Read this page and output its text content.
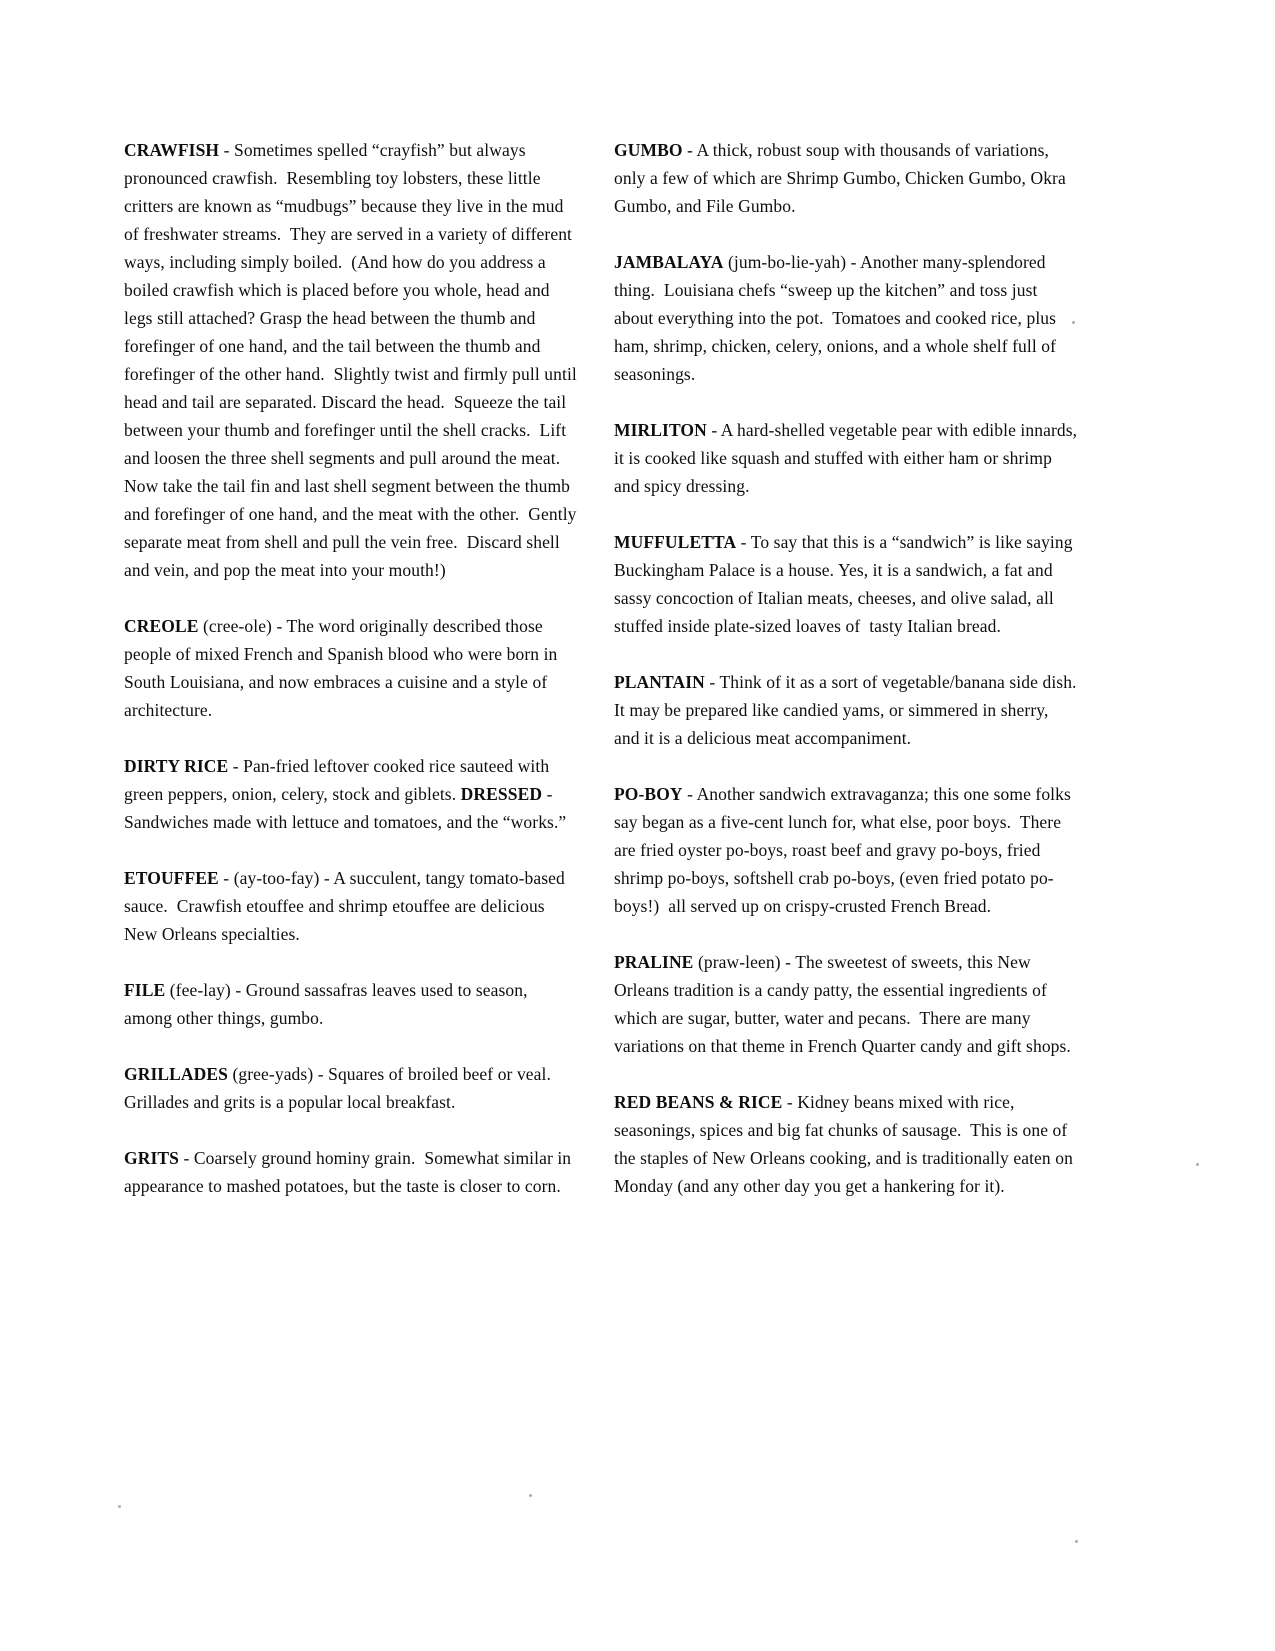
CRAWFISH - Sometimes spelled “crayfish” but always pronounced crawfish.  Resembling toy lobsters, these little critters are known as “mudbugs” because they live in the mud of freshwater streams.  They are served in a variety of different ways, including simply boiled.  (And how do you address a boiled crawfish which is placed before you whole, head and legs still attached? Grasp the head between the thumb and forefinger of one hand, and the tail between the thumb and forefinger of the other hand.  Slightly twist and firmly pull until head and tail are separated. Discard the head.  Squeeze the tail between your thumb and forefinger until the shell cracks.  Lift and loosen the three shell segments and pull around the meat.  Now take the tail fin and last shell segment between the thumb and forefinger of one hand, and the meat with the other.  Gently separate meat from shell and pull the vein free.  Discard shell and vein, and pop the meat into your mouth!)

CREOLE (cree-ole) - The word originally described those people of mixed French and Spanish blood who were born in South Louisiana, and now embraces a cuisine and a style of architecture.

DIRTY RICE - Pan-fried leftover cooked rice sauteed with green peppers, onion, celery, stock and giblets. DRESSED - Sandwiches made with lettuce and tomatoes, and the “works.”

ETOUFFEE - (ay-too-fay) - A succulent, tangy tomato-based sauce.  Crawfish etouffee and shrimp etouffee are delicious New Orleans specialties.

FILE (fee-lay) - Ground sassafras leaves used to season, among other things, gumbo.

GRILLADES (gree-yads) - Squares of broiled beef or veal.  Grillades and grits is a popular local breakfast.

GRITS - Coarsely ground hominy grain.  Somewhat similar in appearance to mashed potatoes, but the taste is closer to corn.

GUMBO - A thick, robust soup with thousands of variations, only a few of which are Shrimp Gumbo, Chicken Gumbo, Okra Gumbo, and File Gumbo.

JAMBALAYA (jum-bo-lie-yah) - Another many-splendored thing.  Louisiana chefs “sweep up the kitchen” and toss just about everything into the pot.  Tomatoes and cooked rice, plus ham, shrimp, chicken, celery, onions, and a whole shelf full of seasonings.

MIRLITON - A hard-shelled vegetable pear with edible innards, it is cooked like squash and stuffed with either ham or shrimp and spicy dressing.

MUFFULETTA - To say that this is a “sandwich” is like saying Buckingham Palace is a house. Yes, it is a sandwich, a fat and sassy concoction of Italian meats, cheeses, and olive salad, all stuffed inside plate-sized loaves of  tasty Italian bread.

PLANTAIN - Think of it as a sort of vegetable/banana side dish.  It may be prepared like candied yams, or simmered in sherry, and it is a delicious meat accompaniment.

PO-BOY - Another sandwich extravaganza; this one some folks say began as a five-cent lunch for, what else, poor boys.  There are fried oyster po-boys, roast beef and gravy po-boys, fried shrimp po-boys, softshell crab po-boys, (even fried potato po-boys!)  all served up on crispy-crusted French Bread.

PRALINE (praw-leen) - The sweetest of sweets, this New Orleans tradition is a candy patty, the essential ingredients of which are sugar, butter, water and pecans.  There are many variations on that theme in French Quarter candy and gift shops.

RED BEANS & RICE - Kidney beans mixed with rice, seasonings, spices and big fat chunks of sausage.  This is one of the staples of New Orleans cooking, and is traditionally eaten on Monday (and any other day you get a hankering for it).
